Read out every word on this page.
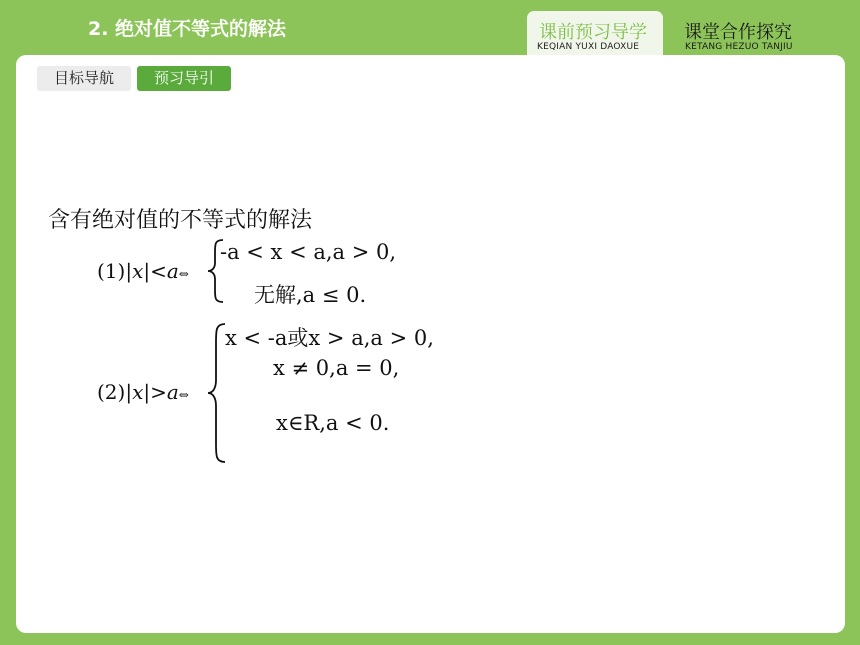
2. 绝对值不等式的解法	课前预习导学
KEQIAN YUXI DAOXUE
课堂合作探究
KETANG HEZUO TANJIU
目标导航	预习导引
含有绝对值的不等式的解法
(1)|x|<a⇔
-a < x < a,a > 0,
无解,a ≤ 0.
(2)|x|>a⇔
x < -a或x > a,a > 0,
x ≠ 0,a = 0,
x∈R,a < 0.
